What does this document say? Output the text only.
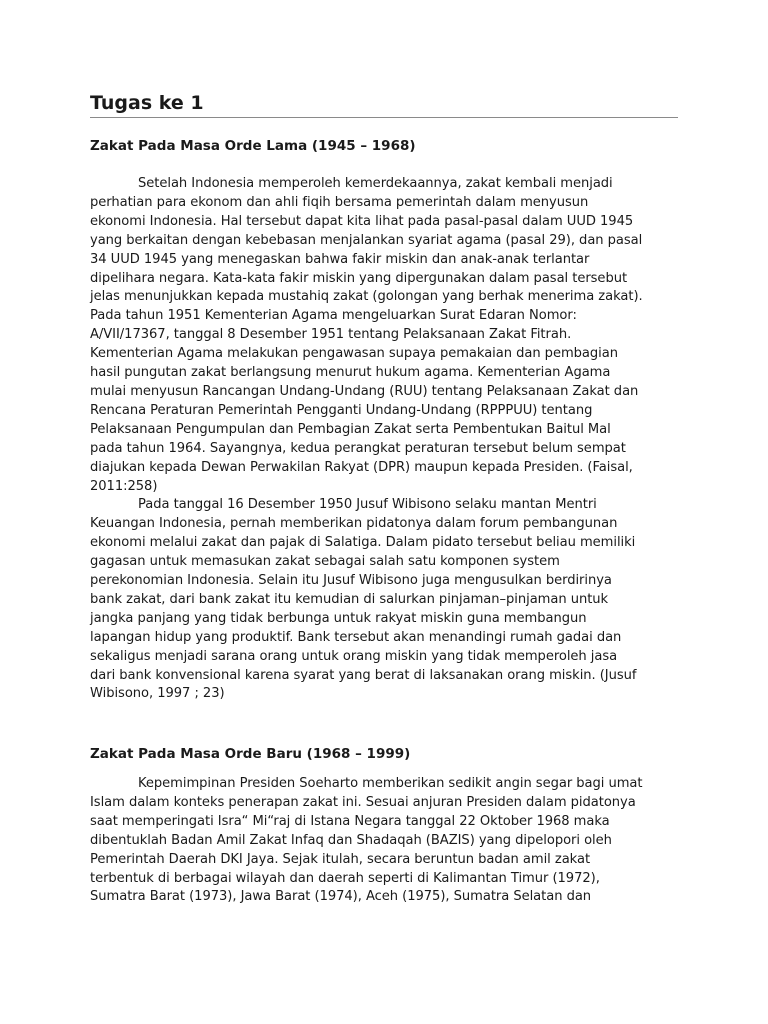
Tugas ke 1
Zakat Pada Masa Orde Lama (1945 – 1968)
Setelah Indonesia memperoleh kemerdekaannya, zakat kembali menjadi
perhatian para ekonom dan ahli fiqih bersama pemerintah dalam menyusun
ekonomi Indonesia. Hal tersebut dapat kita lihat pada pasal-pasal dalam UUD 1945
yang berkaitan dengan kebebasan menjalankan syariat agama (pasal 29), dan pasal
34 UUD 1945 yang menegaskan bahwa fakir miskin dan anak-anak terlantar
dipelihara negara. Kata-kata fakir miskin yang dipergunakan dalam pasal tersebut
jelas menunjukkan kepada mustahiq zakat (golongan yang berhak menerima zakat).
Pada tahun 1951 Kementerian Agama mengeluarkan Surat Edaran Nomor:
A/VII/17367, tanggal 8 Desember 1951 tentang Pelaksanaan Zakat Fitrah.
Kementerian Agama melakukan pengawasan supaya pemakaian dan pembagian
hasil pungutan zakat berlangsung menurut hukum agama. Kementerian Agama
mulai menyusun Rancangan Undang-Undang (RUU) tentang Pelaksanaan Zakat dan
Rencana Peraturan Pemerintah Pengganti Undang-Undang (RPPPUU) tentang
Pelaksanaan Pengumpulan dan Pembagian Zakat serta Pembentukan Baitul Mal
pada tahun 1964. Sayangnya, kedua perangkat peraturan tersebut belum sempat
diajukan kepada Dewan Perwakilan Rakyat (DPR) maupun kepada Presiden. (Faisal,
2011:258)
Pada tanggal 16 Desember 1950 Jusuf Wibisono selaku mantan Mentri
Keuangan Indonesia, pernah memberikan pidatonya dalam forum pembangunan
ekonomi melalui zakat dan pajak di Salatiga. Dalam pidato tersebut beliau memiliki
gagasan untuk memasukan zakat sebagai salah satu komponen system
perekonomian Indonesia. Selain itu Jusuf Wibisono juga mengusulkan berdirinya
bank zakat, dari bank zakat itu kemudian di salurkan pinjaman–pinjaman untuk
jangka panjang yang tidak berbunga untuk rakyat miskin guna membangun
lapangan hidup yang produktif. Bank tersebut akan menandingi rumah gadai dan
sekaligus menjadi sarana orang untuk orang miskin yang tidak memperoleh jasa
dari bank konvensional karena syarat yang berat di laksanakan orang miskin. (Jusuf
Wibisono, 1997 ; 23)
Zakat Pada Masa Orde Baru (1968 – 1999)
Kepemimpinan Presiden Soeharto memberikan sedikit angin segar bagi umat
Islam dalam konteks penerapan zakat ini. Sesuai anjuran Presiden dalam pidatonya
saat memperingati Isra“ Mi“raj di Istana Negara tanggal 22 Oktober 1968 maka
dibentuklah Badan Amil Zakat Infaq dan Shadaqah (BAZIS) yang dipelopori oleh
Pemerintah Daerah DKI Jaya. Sejak itulah, secara beruntun badan amil zakat
terbentuk di berbagai wilayah dan daerah seperti di Kalimantan Timur (1972),
Sumatra Barat (1973), Jawa Barat (1974), Aceh (1975), Sumatra Selatan dan
